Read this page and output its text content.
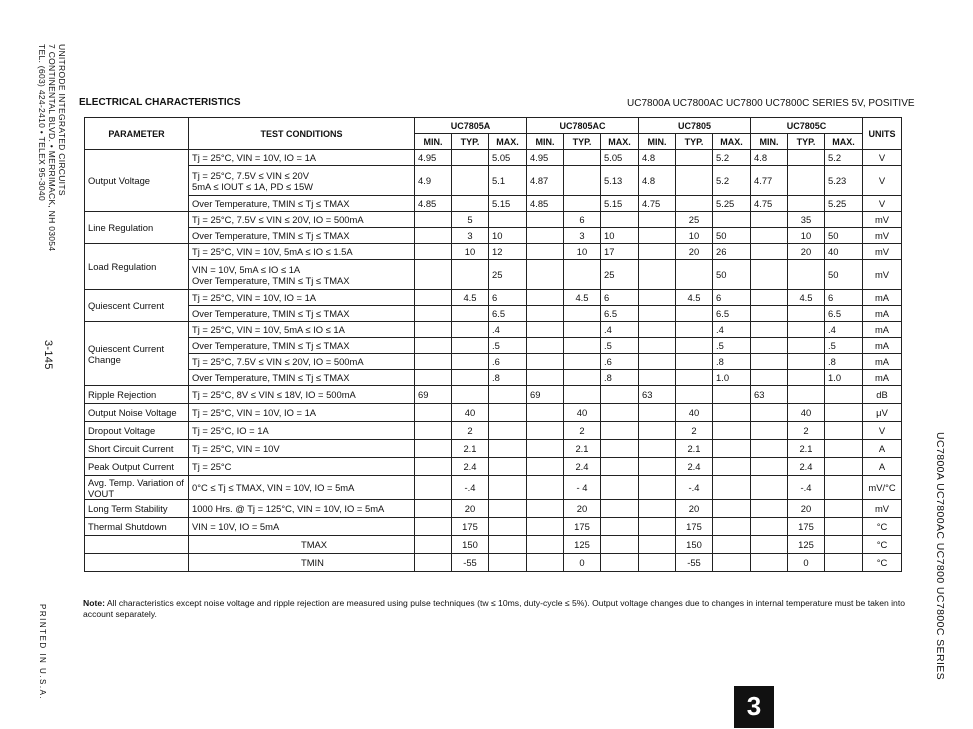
UNITRODE INTEGRATED CIRCUITS
7 CONTINENTAL BLVD. • MERRIMACK, NH 03054
TEL. (603) 424-2410 • TELEX 95-3040
3-145
PRINTED IN U.S.A.	UC7800A UC7800AC UC7800 UC7800C SERIES
3
ELECTRICAL CHARACTERISTICS	UC7800A UC7800AC UC7800 UC7800C SERIES 5V, POSITIVE
PARAMETER	TEST CONDITIONS	UC7805A			UC7805AC			UC7805			UC7805C			UNITS
		MIN.	TYP.	MAX.	MIN.	TYP.	MAX.	MIN.	TYP.	MAX.	MIN.	TYP.	MAX.	
Output Voltage	Tj = 25°C, VIN = 10V, IO = 1A	4.95		5.05	4.95		5.05	4.8		5.2	4.8		5.2	V
	Tj = 25°C, 7.5V ≤ VIN ≤ 20V
5mA ≤ IOUT ≤ 1A, PD ≤ 15W	4.9		5.1	4.87		5.13	4.8		5.2	4.77		5.23	V
	Over Temperature, TMIN ≤ Tj ≤ TMAX	4.85		5.15	4.85		5.15	4.75		5.25	4.75		5.25	V
Line Regulation	Tj = 25°C, 7.5V ≤ VIN ≤ 20V, IO = 500mA		5			6			25			35		mV
	Over Temperature, TMIN ≤ Tj ≤ TMAX		3	10		3	10		10	50		10	50	mV
Load Regulation	Tj = 25°C, VIN = 10V, 5mA ≤ IO ≤ 1.5A		10	12		10	17		20	26		20	40	mV
	VIN = 10V, 5mA ≤ IO ≤ 1A
Over Temperature, TMIN ≤ Tj ≤ TMAX			25			25			50			50	mV
Quiescent Current	Tj = 25°C, VIN = 10V, IO = 1A		4.5	6		4.5	6		4.5	6		4.5	6	mA
	Over Temperature, TMIN ≤ Tj ≤ TMAX			6.5			6.5			6.5			6.5	mA
Quiescent Current Change	Tj = 25°C, VIN = 10V, 5mA ≤ IO ≤ 1A			.4			.4			.4			.4	mA
	Over Temperature, TMIN ≤ Tj ≤ TMAX			.5			.5			.5			.5	mA
	Tj = 25°C, 7.5V ≤ VIN ≤ 20V, IO = 500mA			.6			.6			.8			.8	mA
	Over Temperature, TMIN ≤ Tj ≤ TMAX			.8			.8			1.0			1.0	mA
Ripple Rejection	Tj = 25°C, 8V ≤ VIN ≤ 18V, IO = 500mA	69			69			63			63			dB
Output Noise Voltage	Tj = 25°C, VIN = 10V, IO = 1A		40			40			40			40		μV
Dropout Voltage	Tj = 25°C, IO = 1A		2			2			2			2		V
Short Circuit Current	Tj = 25°C, VIN = 10V		2.1			2.1			2.1			2.1		A
Peak Output Current	Tj = 25°C		2.4			2.4			2.4			2.4		A
Avg. Temp. Variation of VOUT	0°C ≤ Tj ≤ TMAX, VIN = 10V, IO = 5mA		-.4			- 4			-.4			-.4		mV/°C
Long Term Stability	1000 Hrs. @ Tj = 125°C, VIN = 10V, IO = 5mA		20			20			20			20		mV
Thermal Shutdown	VIN = 10V, IO = 5mA		175			175			175			175		°C
	TMAX		150			125			150			125		°C
	TMIN		-55			0			-55			0		°C
Note: All characteristics except noise voltage and ripple rejection are measured using pulse techniques (tw ≤ 10ms, duty-cycle ≤ 5%). Output voltage changes due to changes in internal temperature must be taken into account separately.
